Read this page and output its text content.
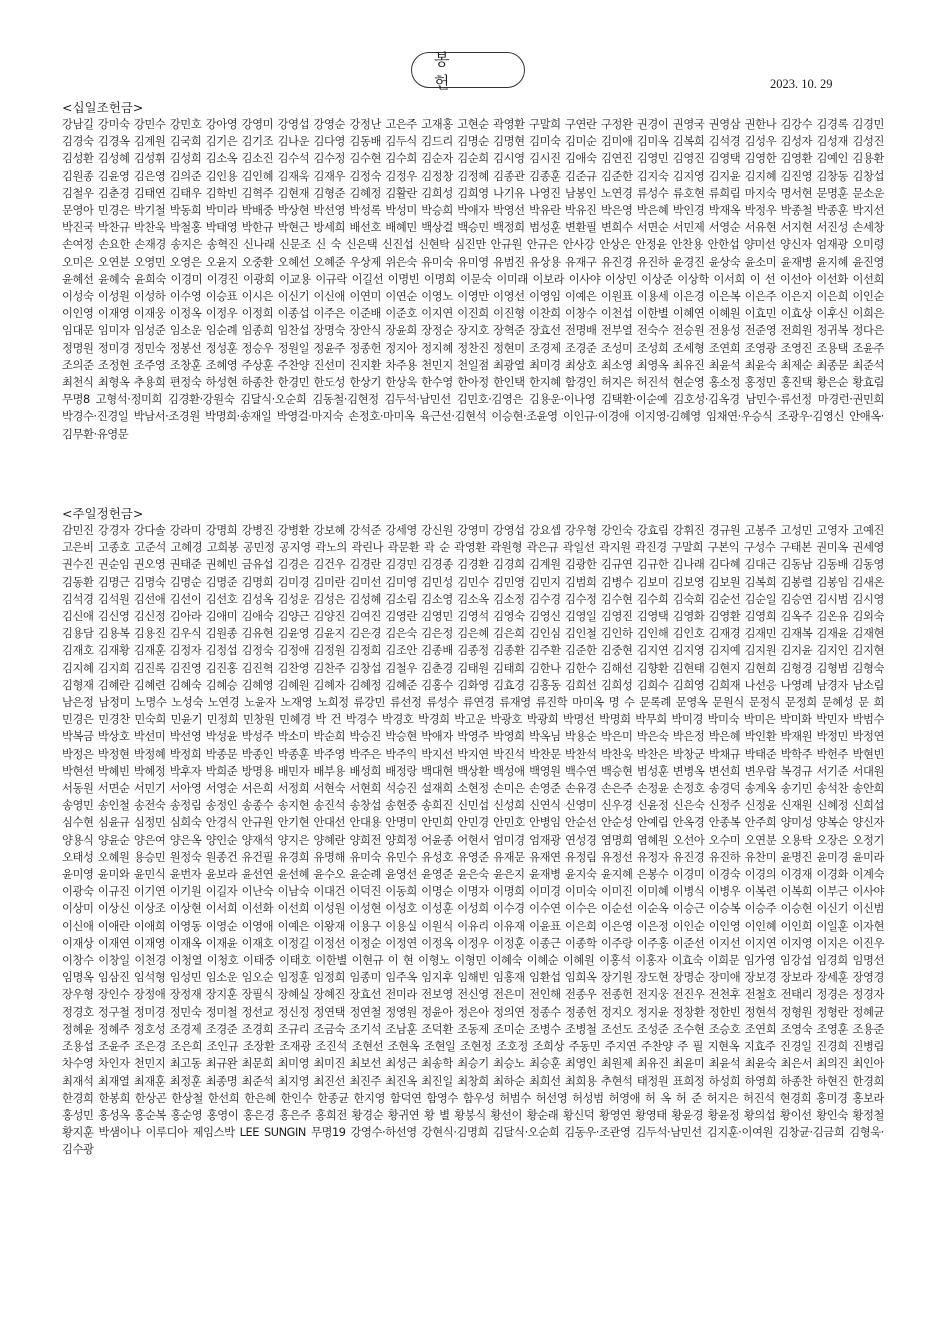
봉 헌	2023. 10. 29
<십일조헌금>
강남길 강미숙 강민수 강민호 강아영 강영미 강영섭 강영순 강정난 고은주 고재홍 고현순 곽영환 구말희 구연란 구정완 권경이 권영국 권영삼 권한나 김강수 김경록 김경민 김경숙 김경옥 김계원 김국희 김기은 김기조 김나운 김다영 김동배 김두식 김드리 김명순 김명현 김미숙 김미순 김미애 김미옥 김복희 김석경 김성우 김성자 김성재 김성진 김성환 김성혜 김성휘 김성희 김소옥 김소진 김수석 김수정 김수현 김수희 김순자 김순희 김시영 김시진 김애숙 김연진 김영민 김영진 김영택 김영한 김영환 김예인 김용환 김원종 김윤영 김은영 김의준 김인용 김인혜 김재욱 김재우 김정숙 김정우 김정창 김정혜 김종관 김종훈 김준규 김준한 김지숙 김지영 김지윤 김지혜 김진영 김창동 김창섭 김철우 김춘경 김태연 김태우 김학빈 김혁주 김현재 김형준 김혜정 김활란 김희성 김희영 나기유 나영진 남봉인 노연경 류성수 류호현 류희림 마지숙 명서현 문명훈 문소운 문영아 민경은 박기철 박동희 박미라 박배중 박상현 박선영 박성록 박성미 박승희 박애자 박영선 박유란 박유진 박은영 박은혜 박인경 박재옥 박정우 박종철 박종훈 박지선 박진국 박찬규 박찬욱 박철홍 박태영 박한규 박현근 방세희 배선호 배혜민 백상걸 백승민 백정희 범성훈 변환필 변희수 서면순 서민제 서영순 서유현 서지현 서진성 손세창 손여정 손요한 손재경 송지은 송혁진 신나래 신문조 신 숙 신은택 신진섭 신현탁 심진만 안규원 안규은 안사강 안상은 안정윤 안찬용 안한섭 양미선 양신자 엄재광 오미령 오미은 오연분 오영민 오영은 오윤지 오중환 오혜선 오혜준 우상제 위은숙 유미숙 유미영 유범진 유상용 유재구 유진경 유진하 윤경진 윤상숙 윤소미 윤재병 윤지혜 윤진영 윤혜선 윤혜숙 윤희숙 이경미 이경진 이광희 이교용 이규락 이길선 이명빈 이명희 이문숙 이미래 이보라 이사야 이상민 이상준 이상학 이서희 이 선 이선아 이선화 이선희 이성숙 이성원 이성하 이수영 이승표 이시은 이신기 이신애 이연미 이연순 이영노 이영만 이영선 이영임 이예은 이원표 이용세 이은경 이은복 이은주 이은지 이은희 이인순 이인영 이재영 이재웅 이정옥 이정우 이정희 이종섭 이주은 이준배 이준호 이지연 이진희 이진형 이찬희 이창수 이천섭 이한별 이혜연 이혜원 이효민 이효상 이후신 이희은 임대문 임미자 임성준 임소운 임순례 임종희 임찬섭 장명숙 장안식 장윤희 장정순 장지호 장혁준 장효선 전명배 전부열 전숙수 전승원 전용성 전준영 전희원 정귀복 정다은 정명원 정미경 정민숙 정봉선 정성훈 정승우 정원일 정윤주 정종헌 정지아 정지혜 정찬진 정현미 조경제 조경준 조성미 조성희 조세형 조연희 조영광 조영진 조용택 조윤주 조의준 조정현 조주영 조창훈 조혜영 주상훈 주찬양 진선미 진지환 차주용 천민지 천일점 최광열 최미경 최상호 최소영 최영옥 최유진 최윤석 최윤숙 최제순 최종문 최준석 최천식 최형옥 추용희 편정숙 하성현 하종찬 한경민 한도성 한상기 한상욱 한수영 한아정 한인택 한지혜 함경인 허지은 허진석 현순영 홍소정 홍정민 홍진택 황은순 황효림 무명8 고형석·정미희 김경환·강원숙 김달식·오순희 김동철·김현정 김두석·남민선 김민호·김영은 김용운·이나영 김택환·이순예 김호성·김옥경 남민수·류선정 마경런·권민희 박경수·진경일 박남서·조경원 박명희·송재일 박영걸·마지숙 손정호·마미옥 육근선·김현석 이승현·조윤영 이인규·이경애 이지영·김혜영 임채연·우승식 조광우·김영신 안애옥·김무환·유영문
<주일정헌금>
감민진 강경자 강다솔 강라미 강명희 강병진 강병환 강보혜 강석준 강세영 강신원 강영미 강영섭 강요셉 강우형 강인숙 강효림 강휘진 경규원 고봉주 고성민 고영자 고예진 고은비 고종호 고준석 고혜경 고희봉 공민정 공지영 곽노의 곽린나 곽문환 곽 순 곽영환 곽원형 곽은규 곽일선 곽지원 곽진경 구말희 구본익 구성수 구태본 권미옥 권세영 권수진 권순임 권오영 권태준 권혜빈 금유섭 김경은 김건우 김경란 김경민 김경종 김경환 김경희 김계원 김광한 김규연 김규한 김나래 김다혜 김대근 김동남 김동배 김동영 김동환 김명근 김명숙 김명순 김명준 김명희 김미경 김미란 김미선 김미영 김민성 김민수 김민영 김민지 김범희 김병수 김보미 김보영 김보원 김복희 김봉렬 김봉임 김새온 김석경 김석원 김선애 김선이 김선호 김성옥 김성운 김성은 김성혜 김소림 김소영 김소옥 김소정 김수경 김수정 김수현 김수희 김숙희 김순선 김순일 김승연 김시범 김시영 김신애 김신영 김신정 김아라 김애미 김애숙 김양근 김양진 김여진 김영란 김영민 김영석 김영숙 김영신 김영일 김영진 김영택 김영화 김영환 김영희 김옥주 김온유 김외숙 김용담 김용복 김용진 김우식 김원종 김유현 김윤영 김윤지 김은경 김은숙 김은정 김은혜 김은희 김인심 김인철 김인하 김인해 김인호 김재경 김재민 김재복 김재윤 김재현 김재호 김재황 김재훈 김정자 김정섭 김정숙 김정애 김정원 김정희 김조안 김종배 김종정 김종환 김주환 김준한 김중현 김지연 김지영 김지예 김지원 김지윤 김지인 김지현 김지혜 김지희 김진록 김진영 김진홍 김진혁 김찬영 김찬주 김창섭 김철우 김춘경 김태원 김태희 김한나 김한수 김해선 김향환 김현태 김현지 김현희 김형경 김형범 김형숙 김형재 김혜란 김혜련 김혜숙 김혜승 김혜영 김혜원 김혜자 김혜정 김혜준 김홍수 김화영 김효경 김홍동 김희선 김희성 김희수 김희영 김희재 나선응 나영례 남경자 남소림 남은정 남정미 노명수 노성숙 노연경 노윤자 노재영 노희정 류강민 류선정 류성수 류연경 류재영 류진학 마미옥 명 수 문록례 문영옥 문원식 문정식 문정희 문혜성 문 희 민경은 민경찬 민숙희 민윤기 민정희 민창원 민혜경 박 건 박경수 박경호 박경희 박고운 박광호 박광희 박명선 박명희 박무희 박미경 박미숙 박미은 박미화 박민자 박범수 박복금 박상호 박선미 박선영 박성윤 박성주 박소미 박순희 박승진 박승현 박애자 박영주 박영희 박옥님 박용순 박은미 박은숙 박은정 박은혜 박인환 박재원 박정민 박정연 박정은 박정현 박정혜 박정희 박종문 박종인 박종훈 박주영 박주은 박주익 박지선 박지연 박진석 박찬문 박찬석 박찬욱 박찬은 박창군 박채규 박태준 박학주 박헌주 박현빈 박현선 박혜빈 박혜정 박후자 박희준 방명용 배민자 배부용 배성희 배정랑 백대현 백상환 백성애 백영원 백수연 백승현 범성훈 변병옥 변선희 변우람 복경규 서기준 서대원 서동원 서면순 서민기 서아영 서영순 서은희 서정희 서현숙 서현희 석승진 설재희 소현정 손미은 손영준 손유경 손은주 손정윤 손정호 송경덕 송계옥 송기민 송석찬 송안희 송영민 송인철 송전숙 송정림 송정인 송종수 송지현 송진석 송창섭 송현중 송희진 신민섭 신성희 신연식 신영미 신우경 신윤정 신은숙 신정주 신정윤 신재원 신혜정 신희섭 심수현 심윤규 심정민 심희숙 안경식 안규원 안기현 안대선 안대용 안명미 안민희 안민경 안민호 안병임 안순선 안순성 안예림 안옥경 안종복 안주희 양미성 양복순 양신자 양용식 양윤순 양은여 양은옥 양인순 양재석 양지은 양혜란 양희전 양희정 어윤종 어현서 엄미경 엄재광 연성경 염명희 염혜원 오선아 오수미 오연분 오용탁 오장은 오정기 오태성 오혜원 용승민 원정숙 원종건 유건필 유경희 유명해 유미숙 유민수 유성호 유영준 유재문 유재연 유정림 유정선 유정자 유진경 유진하 유찬미 윤명진 윤미경 윤미라 윤미영 윤미와 윤민식 윤번자 윤보라 윤선연 윤선혜 윤수오 윤순례 윤영선 윤영준 윤은숙 윤은지 윤재병 윤지숙 윤지혜 은봉수 이경미 이경숙 이경의 이경재 이경화 이계숙 이광숙 이규진 이기연 이기원 이길자 이난숙 이남숙 이대건 이덕진 이동희 이명순 이명자 이명희 이미경 이미숙 이미진 이미혜 이병식 이병우 이복련 이복희 이부근 이사야 이상미 이상신 이상조 이상현 이서희 이선화 이선희 이성원 이성현 이성호 이성훈 이성희 이수경 이수연 이수은 이순선 이순옥 이승근 이승복 이승주 이승현 이신기 이신범 이신애 이애란 이애희 이영동 이영순 이영애 이예은 이왕재 이용구 이용실 이원식 이유리 이유재 이윤표 이은희 이은영 이은정 이인순 이인영 이인혜 이인희 이일훈 이자현 이재상 이재연 이재영 이재옥 이재윤 이재호 이정길 이정선 이정순 이정연 이정옥 이정우 이정훈 이종근 이종학 이주랑 이주홍 이준선 이지선 이지연 이지영 이지은 이진우 이창수 이창일 이천경 이청열 이청호 이태중 이태호 이한별 이현규 이 현 이형노 이형민 이혜숙 이혜순 이혜원 이홍석 이홍자 이효숙 이희문 임가영 임강섭 임경희 임명선 임명옥 임삼진 임석형 임성민 임소운 임오순 임정훈 임정희 임종미 임주옥 임지후 임해빈 임홍재 임환섭 임희옥 장기원 장도현 장명순 장미애 장보경 장보라 장세훈 장영경 장우형 장인수 장정애 장정재 장지훈 장필식 장혜실 장혜진 장효선 전미라 전보영 전신영 전은미 전인해 전종우 전종헌 전지웅 전진우 전천후 전철호 전태리 정경은 정경자 정경호 정구철 정미경 정민숙 정미철 정선교 정신정 정연택 정연철 정영원 정윤아 정은아 정의연 정종수 정종헌 정지오 정지윤 정창환 정한빈 정현석 정형원 정형란 정혜균 정혜윤 정혜주 정호성 조경제 조경준 조경희 조규리 조금숙 조기석 조남훈 조덕환 조동제 조미순 조병수 조병철 조선도 조성준 조수현 조승호 조연희 조영숙 조영훈 조용준 조용섭 조윤주 조은경 조은희 조인규 조장환 조재광 조진석 조현선 조현옥 조현일 조현정 조호정 조희상 주동민 주지연 주찬양 주 필 지현옥 지효주 진경일 진경희 진병림 차수영 차인자 천민지 최고동 최규완 최문희 최미영 최미진 최보선 최성근 최송학 최승기 최승노 최승훈 최영인 최원제 최유진 최윤미 최윤석 최윤숙 최은서 최의진 최인아 최재석 최재열 최재훈 최정훈 최종명 최준석 최지영 최진선 최진주 최진옥 최진일 최창희 최하순 최희선 최희용 추현석 태정원 표희정 하성희 하영희 하종찬 하현진 한경희 한경희 한봉희 한상곤 한상철 한선희 한은혜 한인수 한종균 한지영 함덕연 함영수 함우성 허범수 허선영 허성범 허영애 허 옥 허 준 허지은 허진석 현경희 홍미경 홍보라 홍성민 홍성옥 홍순복 홍순영 홍영이 홍은경 홍은주 홍희전 황경순 황귀연 황 별 황붕식 황선이 황순래 황신덕 황영연 황영태 황윤경 황윤정 황의섭 황이선 황인숙 황정철 황지훈 박샘이나 이루디아 제임스박 LEE SUNGIN 무명19 강영수·하선영 강현식·김명희 김달식·오순희 김동우·조관영 김두석·남민선 김지훈·이여원 김창균·김금희 김형욱·김수광
